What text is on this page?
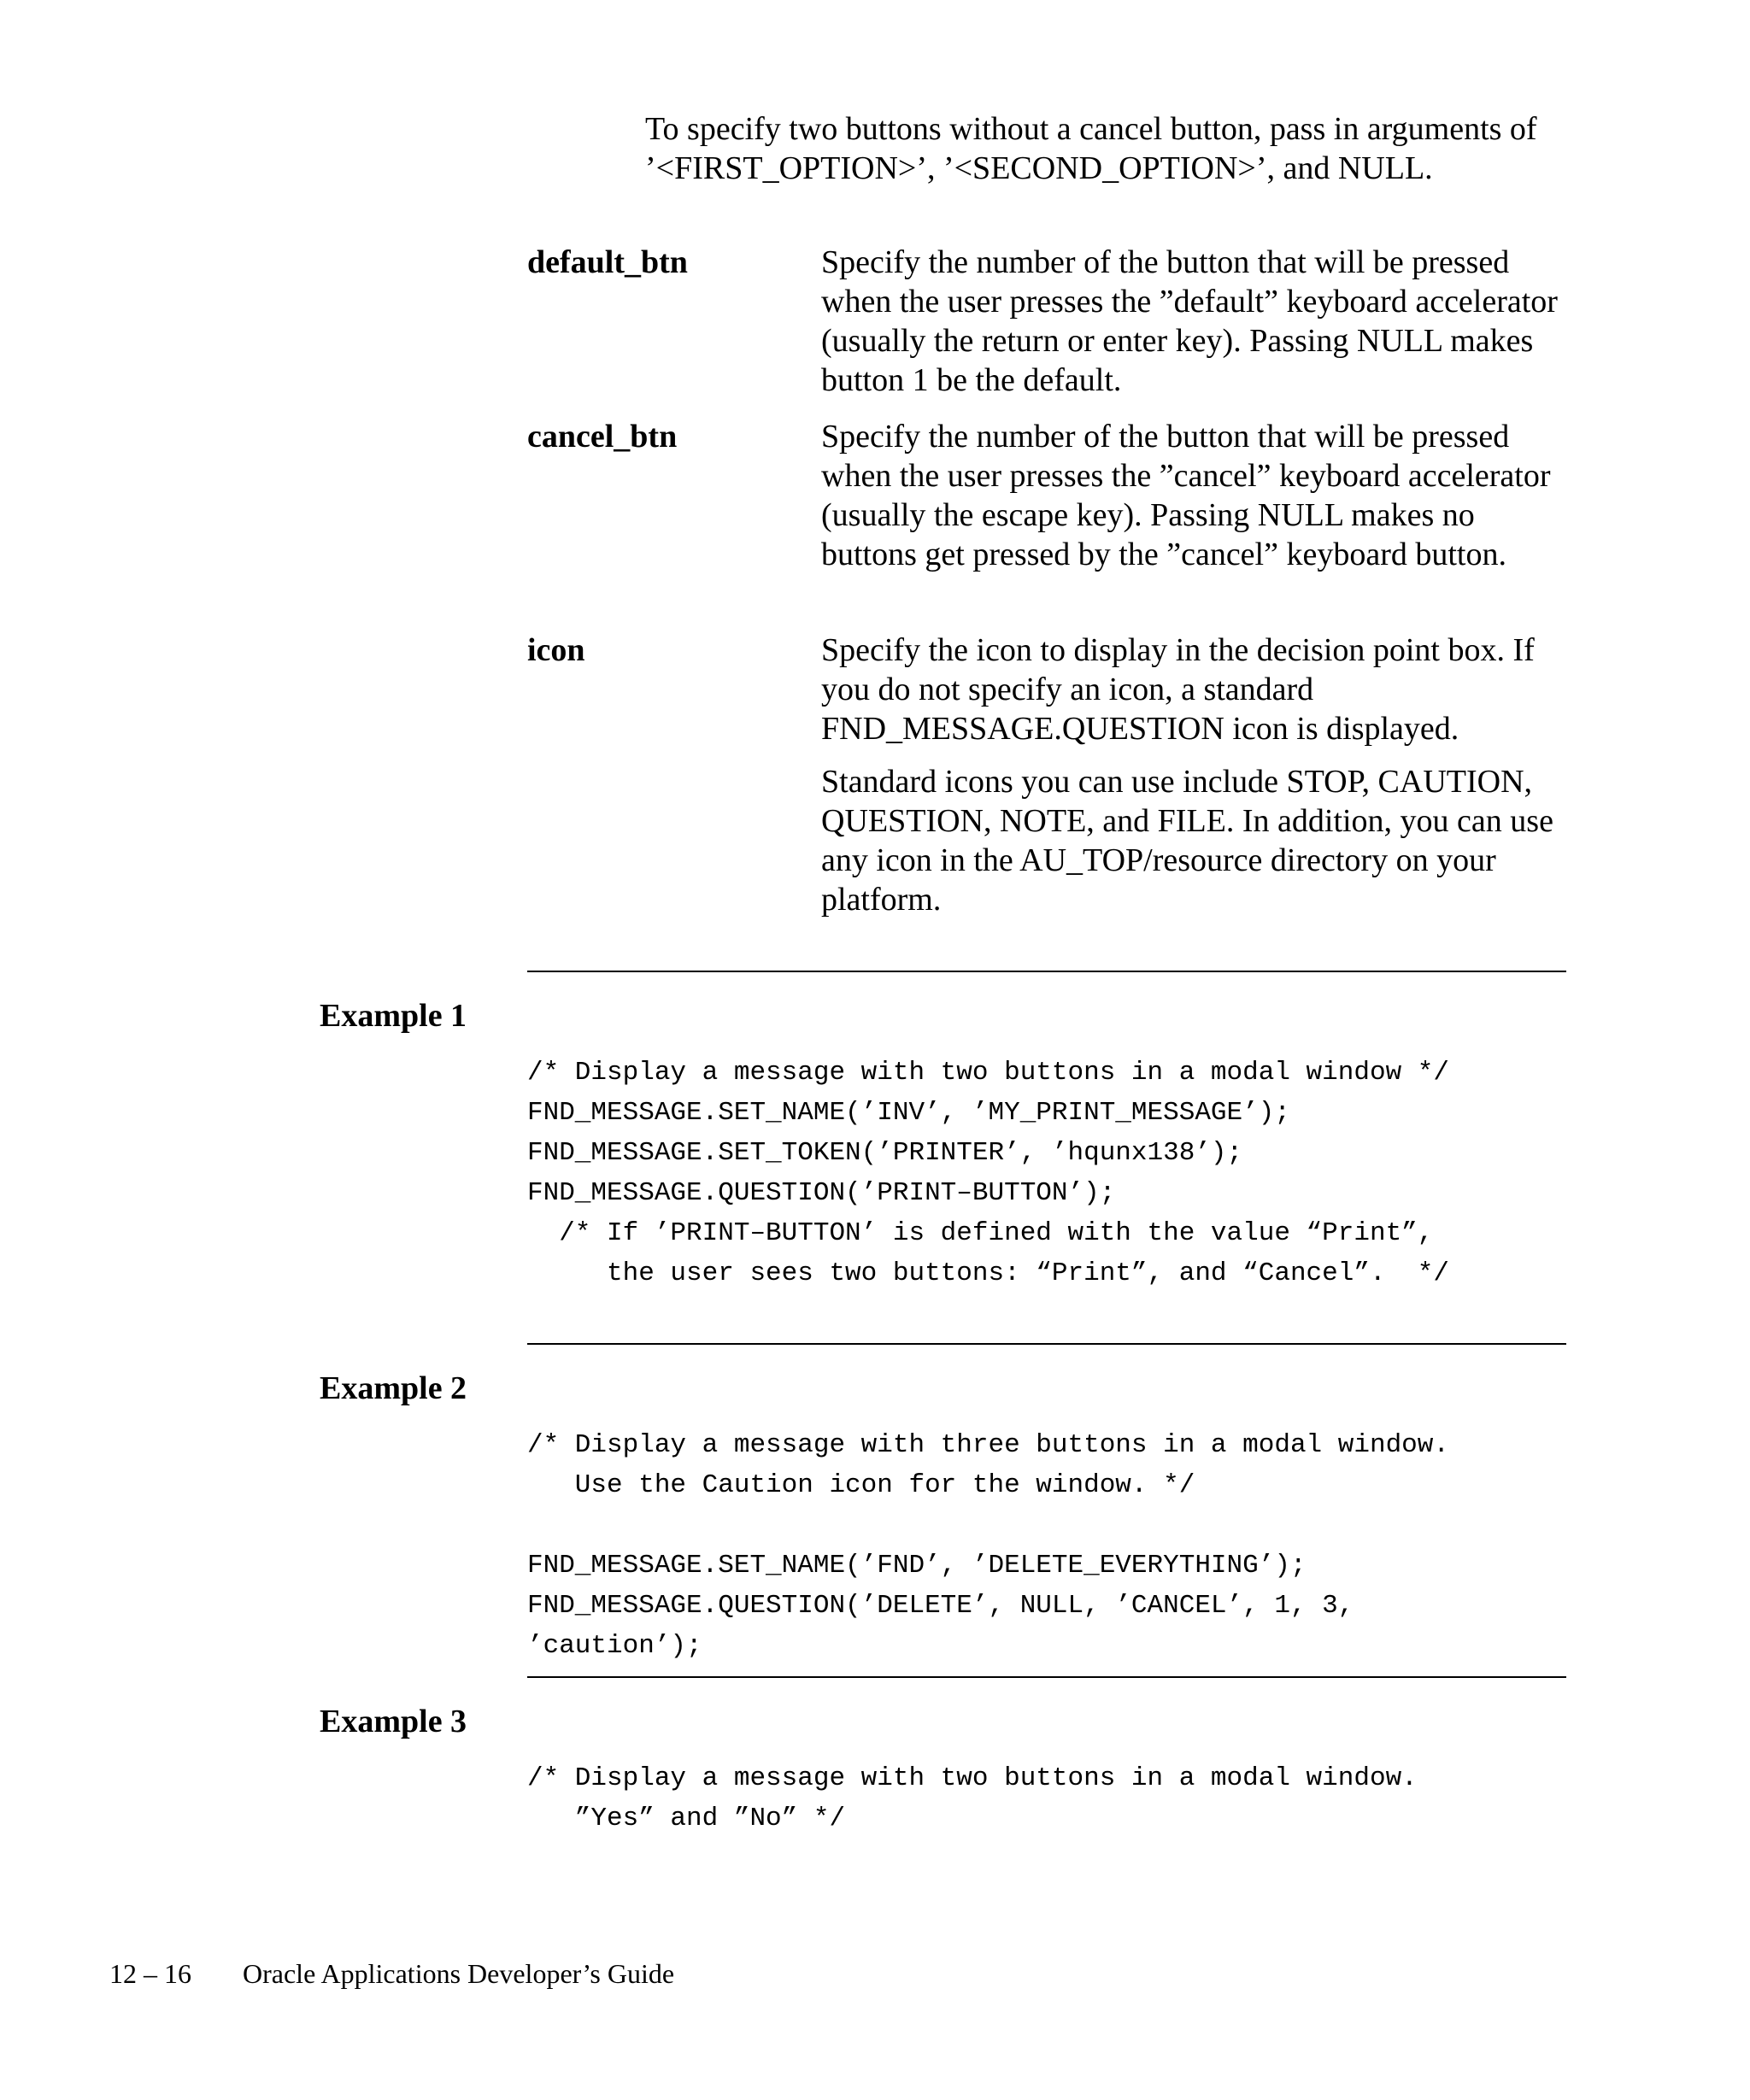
To specify two buttons without a cancel button, pass in arguments of ’<FIRST_OPTION>’, ’<SECOND_OPTION>’, and NULL.

default_btn	Specify the number of the button that will be pressed when the user presses the ”default” keyboard accelerator (usually the return or enter key). Passing NULL makes button 1 be the default.

cancel_btn	Specify the number of the button that will be pressed when the user presses the ”cancel” keyboard accelerator (usually the escape key). Passing NULL makes no buttons get pressed by the ”cancel” keyboard button.

icon	Specify the icon to display in the decision point box. If you do not specify an icon, a standard FND_MESSAGE.QUESTION icon is displayed.

Standard icons you can use include STOP, CAUTION, QUESTION, NOTE, and FILE. In addition, you can use any icon in the AU_TOP/resource directory on your platform.

Example 1
/* Display a message with two buttons in a modal window */
FND_MESSAGE.SET_NAME(’INV’, ’MY_PRINT_MESSAGE’);
FND_MESSAGE.SET_TOKEN(’PRINTER’, ’hqunx138’);
FND_MESSAGE.QUESTION(’PRINT–BUTTON’);
/* If ’PRINT–BUTTON’ is defined with the value “Print”,
the user sees two buttons: “Print”, and “Cancel”.  */
Example 2
/* Display a message with three buttons in a modal window.
Use the Caution icon for the window. */

FND_MESSAGE.SET_NAME(’FND’, ’DELETE_EVERYTHING’);
FND_MESSAGE.QUESTION(’DELETE’, NULL, ’CANCEL’, 1, 3,
’caution’);
Example 3
/* Display a message with two buttons in a modal window.
”Yes” and ”No” */
12 – 16 Oracle Applications Developer’s Guide
